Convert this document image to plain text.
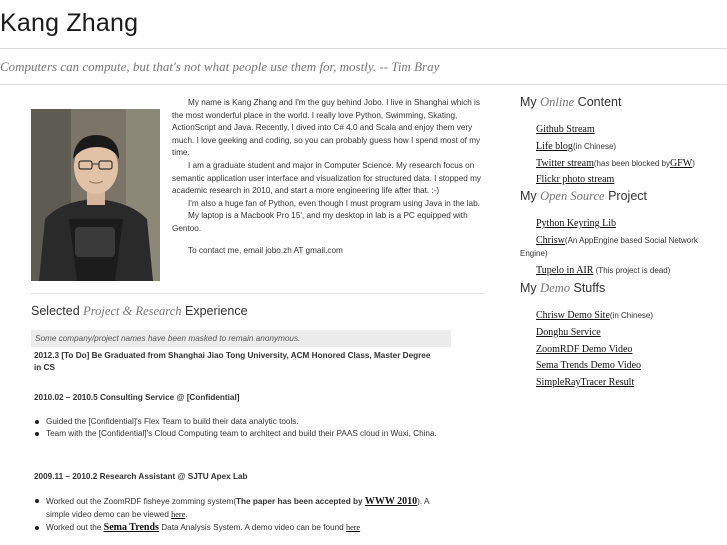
Kang Zhang
Computers can compute, but that's not what people use them for, mostly. -- Tim Bray

My name is Kang Zhang and I'm the guy behind Jobo. I live in Shanghai which is the most wonderful place in the world. I really love Python, Swimming, Skating, ActionScript and Java. Recently, I dived into C# 4.0 and Scala and enjoy them very much. I love geeking and coding, so you can probably guess how I spend most of my time.

I am a graduate student and major in Computer Science. My research focus on semantic application user interface and visualization for structured data. I stopped my academic research in 2010, and start a more engineering life after that. :-)

I'm also a huge fan of Python, even though I must program using Java in the lab.

My laptop is a Macbook Pro 15', and my desktop in lab is a PC equipped with Gentoo.

To contact me, email jobo.zh AT gmail.com

Selected Project & Research Experience
Some company/project names have been masked to remain anonymous.
2012.3 [To Do] Be Graduated from Shanghai Jiao Tong University, ACM Honored Class, Master Degree in CS
2010.02 – 2010.5 Consulting Service @ [Confidential]
Guided the [Confidential]'s Flex Team to build their data analytic tools.
Team with the [Confidential]'s Cloud Computing team to architect and build their PAAS cloud in Wuxi, China.
2009.11 – 2010.2 Research Assistant @ SJTU Apex Lab
Worked out the ZoomRDF fisheye zomming system(The paper has been accepted by WWW 2010). A simple video demo can be viewed here.
Worked out the Sema Trends Data Analysis System. A demo video can be found here
My Online Content
Github Stream
Life blog(in Chinese)
Twitter stream(has been blocked byGFW)
Flickr photo stream
My Open Source Project
Python Keyring Lib
Chrisw(An AppEngine based Social Network Engine)
Tupelo in AIR (This project is dead)
My Demo Stuffs
Chrisw Demo Site(in Chinese)
Donghu Service
ZoomRDF Demo Video
Sema Trends Demo Video
SimpleRayTracer Result
